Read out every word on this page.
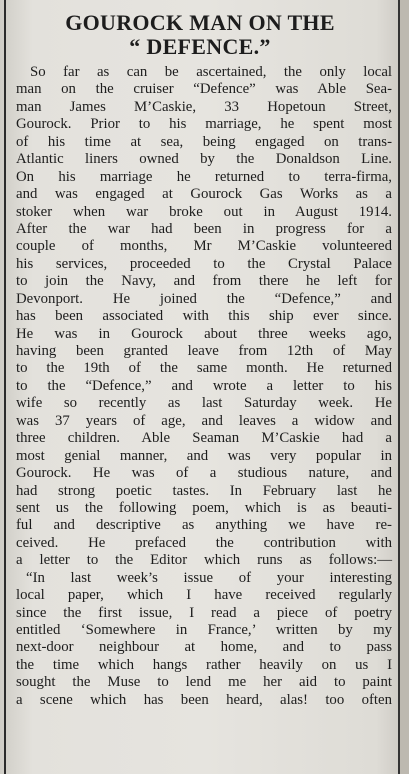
GOUROCK MAN ON THE
“ DEFENCE.”
So far as can be ascertained, the only local
man on the cruiser “Defence” was Able Sea-
man James M’Caskie, 33 Hopetoun Street,
Gourock. Prior to his marriage, he spent most
of his time at sea, being engaged on trans-
Atlantic liners owned by the Donaldson Line.
On his marriage he returned to terra-firma,
and was engaged at Gourock Gas Works as a
stoker when war broke out in August 1914.
After the war had been in progress for a
couple of months, Mr M’Caskie volunteered
his services, proceeded to the Crystal Palace
to join the Navy, and from there he left for
Devonport. He joined the “Defence,” and
has been associated with this ship ever since.
He was in Gourock about three weeks ago,
having been granted leave from 12th of May
to the 19th of the same month. He returned
to the “Defence,” and wrote a letter to his
wife so recently as last Saturday week. He
was 37 years of age, and leaves a widow and
three children. Able Seaman M’Caskie had a
most genial manner, and was very popular in
Gourock. He was of a studious nature, and
had strong poetic tastes. In February last he
sent us the following poem, which is as beauti-
ful and descriptive as anything we have re-
ceived. He prefaced the contribution with
a letter to the Editor which runs as follows:—
“In last week’s issue of your interesting
local paper, which I have received regularly
since the first issue, I read a piece of poetry
entitled ‘Somewhere in France,’ written by my
next-door neighbour at home, and to pass
the time which hangs rather heavily on us I
sought the Muse to lend me her aid to paint
a scene which has been heard, alas! too often
